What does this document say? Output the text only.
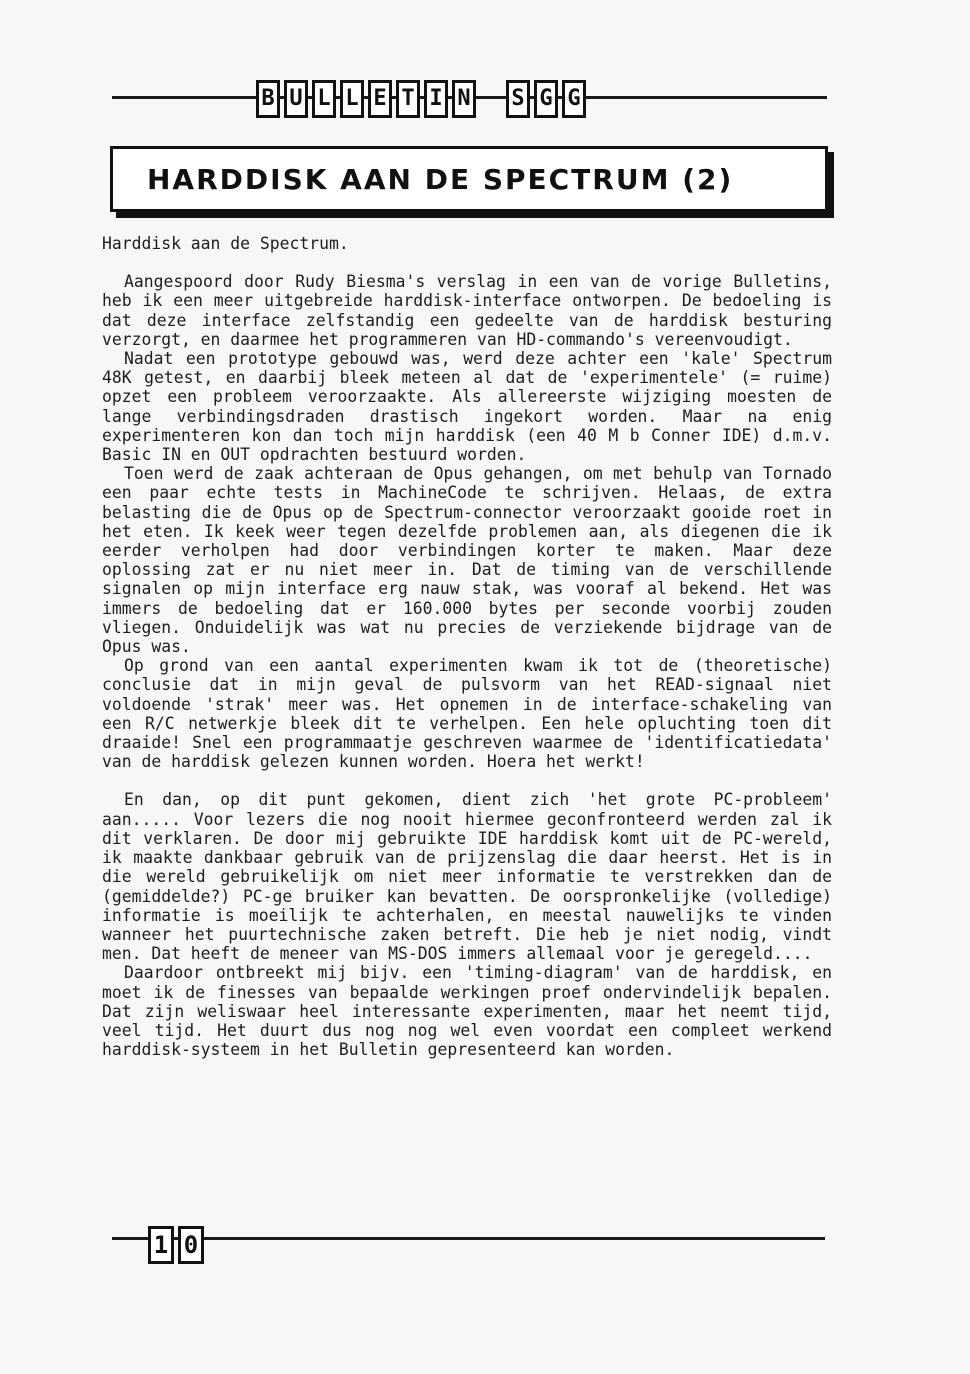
B U L L E T I N S G G
HARDDISK AAN DE SPECTRUM (2)

Harddisk aan de Spectrum.

Aangespoord door Rudy Biesma's verslag in een van de vorige Bulletins, heb ik een meer uitgebreide harddisk-interface ontworpen. De bedoeling is dat deze interface zelfstandig een gedeelte van de harddisk besturing verzorgt, en daarmee het programmeren van HD-commando's vereenvoudigt.

Nadat een prototype gebouwd was, werd deze achter een 'kale' Spectrum 48K getest, en daarbij bleek meteen al dat de 'experimentele' (= ruime) opzet een probleem veroorzaakte. Als allereerste wijziging moesten de lange verbindingsdraden drastisch ingekort worden. Maar na enig experimenteren kon dan toch mijn harddisk (een 40 M b Conner IDE) d.m.v. Basic IN en OUT opdrachten bestuurd worden.

Toen werd de zaak achteraan de Opus gehangen, om met behulp van Tornado een paar echte tests in MachineCode te schrijven. Helaas, de extra belasting die de Opus op de Spectrum-connector veroorzaakt gooide roet in het eten. Ik keek weer tegen dezelfde problemen aan, als diegenen die ik eerder verholpen had door verbindingen korter te maken. Maar deze oplossing zat er nu niet meer in. Dat de timing van de verschillende signalen op mijn interface erg nauw stak, was vooraf al bekend. Het was immers de bedoeling dat er 160.000 bytes per seconde voorbij zouden vliegen. Onduidelijk was wat nu precies de verziekende bijdrage van de Opus was.

Op grond van een aantal experimenten kwam ik tot de (theoretische) conclusie dat in mijn geval de pulsvorm van het READ-signaal niet voldoende 'strak' meer was. Het opnemen in de interface-schakeling van een R/C netwerkje bleek dit te verhelpen. Een hele opluchting toen dit draaide! Snel een programmaatje geschreven waarmee de 'identificatiedata' van de harddisk gelezen kunnen worden. Hoera het werkt!

En dan, op dit punt gekomen, dient zich 'het grote PC-probleem' aan..... Voor lezers die nog nooit hiermee geconfronteerd werden zal ik dit verklaren. De door mij gebruikte IDE harddisk komt uit de PC-wereld, ik maakte dankbaar gebruik van de prijzenslag die daar heerst. Het is in die wereld gebruikelijk om niet meer informatie te verstrekken dan de (gemiddelde?) PC-ge bruiker kan bevatten. De oorspronkelijke (volledige) informatie is moeilijk te achterhalen, en meestal nauwelijks te vinden wanneer het puurtechnische zaken betreft. Die heb je niet nodig, vindt men. Dat heeft de meneer van MS-DOS immers allemaal voor je geregeld....

Daardoor ontbreekt mij bijv. een 'timing-diagram' van de harddisk, en moet ik de finesses van bepaalde werkingen proef ondervindelijk bepalen. Dat zijn weliswaar heel interessante experimenten, maar het neemt tijd, veel tijd. Het duurt dus nog nog wel even voordat een compleet werkend harddisk-systeem in het Bulletin gepresenteerd kan worden.

1 0
